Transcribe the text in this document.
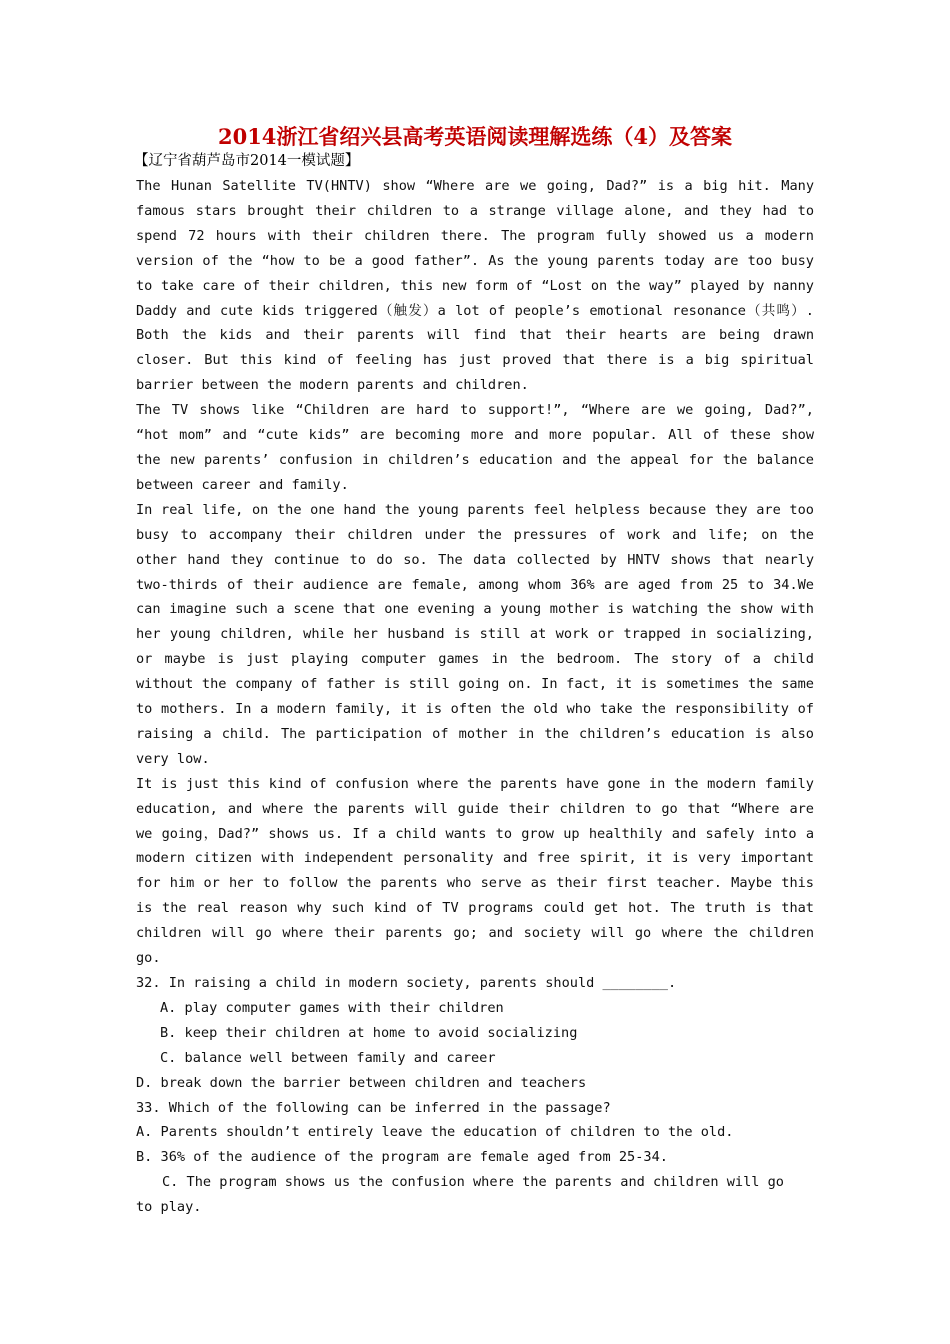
2014浙江省绍兴县高考英语阅读理解选练（4）及答案
【辽宁省葫芦岛市2014一模试题】

The Hunan Satellite TV(HNTV) show “Where are we going, Dad?” is a big hit. Many famous stars brought their children to a strange village alone, and they had to spend 72 hours with their children there. The program fully showed us a modern version of the “how to be a good father”. As the young parents today are too busy to take care of their children, this new form of “Lost on the way” played by nanny Daddy and cute kids triggered（触发）a lot of people’s emotional resonance（共鸣）. Both the kids and their parents will find that their hearts are being drawn closer. But this kind of feeling has just proved that there is a big spiritual barrier between the modern parents and children.

The TV shows like “Children are hard to support!”, “Where are we going, Dad?”, “hot mom” and “cute kids” are becoming more and more popular. All of these show the new parents’ confusion in children’s education and the appeal for the balance between career and family.

In real life, on the one hand the young parents feel helpless because they are too busy to accompany their children under the pressures of work and life; on the other hand they continue to do so. The data collected by HNTV shows that nearly two-thirds of their audience are female, among whom 36% are aged from 25 to 34.We can imagine such a scene that one evening a young mother is watching the show with her young children, while her husband is still at work or trapped in socializing, or maybe is just playing computer games in the bedroom. The story of a child without the company of father is still going on. In fact, it is sometimes the same to mothers. In a modern family, it is often the old who take the responsibility of raising a child. The participation of mother in the children’s education is also very low.

It is just this kind of confusion where the parents have gone in the modern family education, and where the parents will guide their children to go that “Where are we going，Dad?” shows us. If a child wants to grow up healthily and safely into a modern citizen with independent personality and free spirit, it is very important for him or her to follow the parents who serve as their first teacher. Maybe this is the real reason why such kind of TV programs could get hot. The truth is that children will go where their parents go; and society will go where the children go.

32. In raising a child in modern society, parents should ________.

A. play computer games with their children

B. keep their children at home to avoid socializing

C. balance well between family and career

D. break down the barrier between children and teachers

33. Which of the following can be inferred in the passage?

A. Parents shouldn’t entirely leave the education of children to the old.

B. 36% of the audience of the program are female aged from 25-34.

C. The program shows us the confusion where the parents and children will go

to play.
